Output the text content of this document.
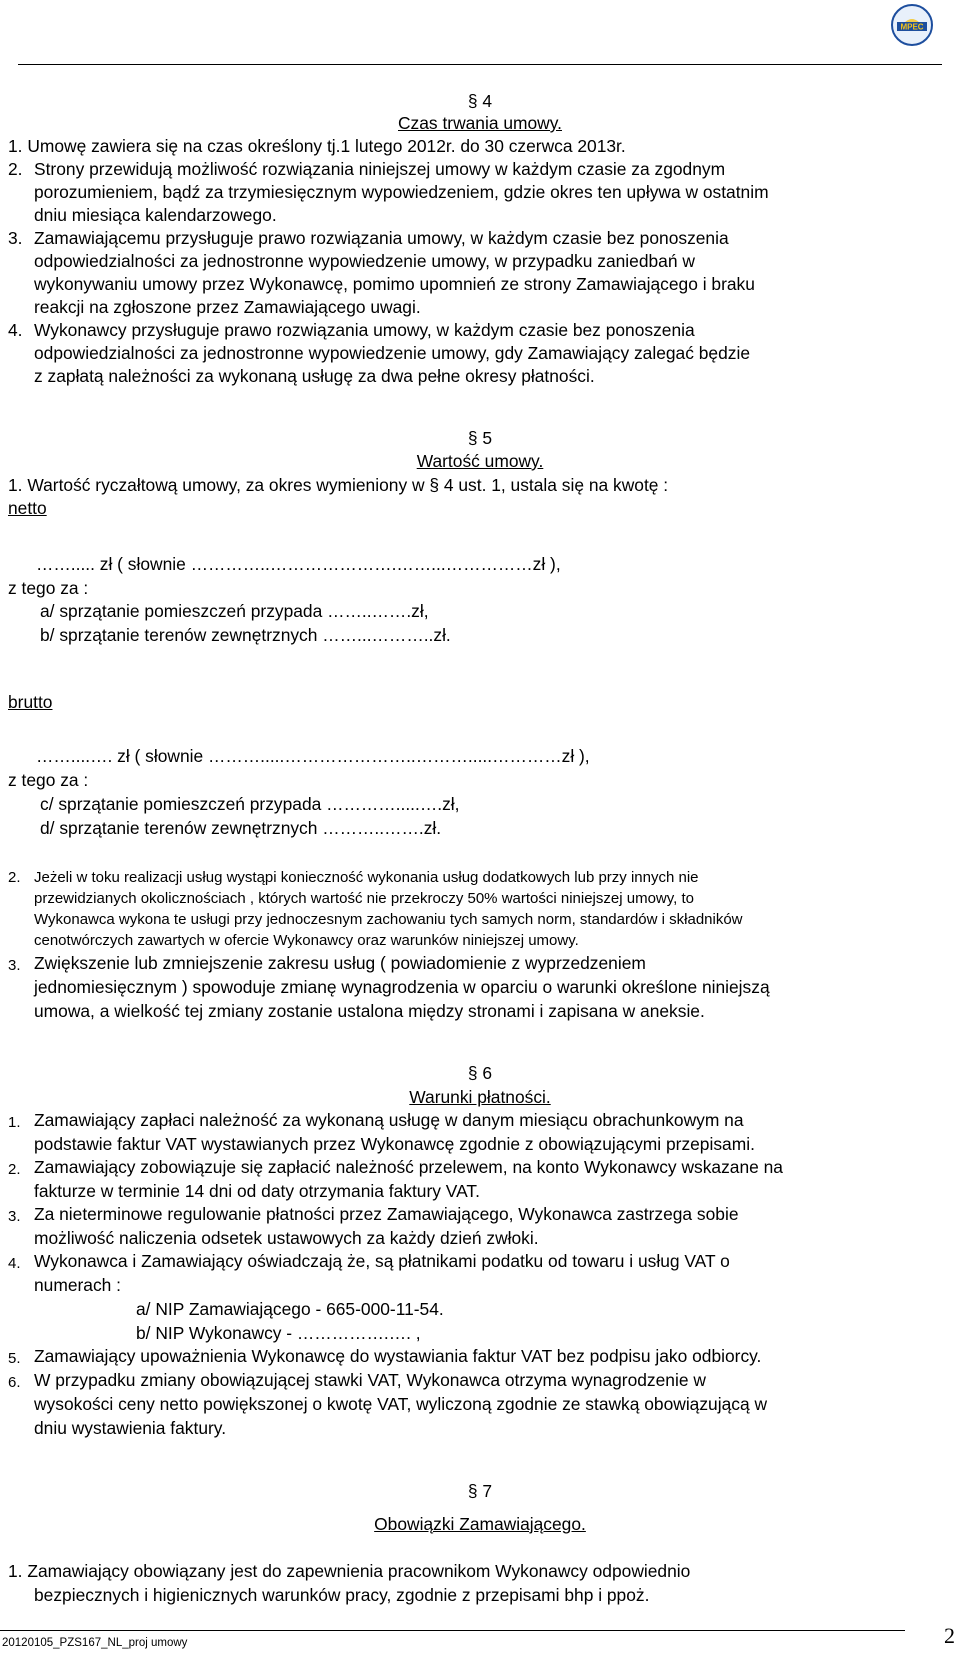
MPEC
§ 4
Czas trwania umowy.
1. Umowę zawiera się na czas określony tj.1 lutego 2012r. do 30 czerwca 2013r.
2. Strony przewidują możliwość rozwiązania niniejszej umowy w każdym czasie za zgodnym
porozumieniem, bądź za trzymiesięcznym wypowiedzeniem, gdzie okres ten upływa w ostatnim
dniu miesiąca kalendarzowego.
3. Zamawiającemu przysługuje prawo rozwiązania umowy, w każdym czasie bez ponoszenia
odpowiedzialności za jednostronne wypowiedzenie umowy, w przypadku zaniedbań w
wykonywaniu umowy przez Wykonawcę, pomimo upomnień ze strony Zamawiającego i braku
reakcji na zgłoszone przez Zamawiającego uwagi.
4. Wykonawcy przysługuje prawo rozwiązania umowy, w każdym czasie bez ponoszenia
odpowiedzialności za jednostronne wypowiedzenie umowy, gdy Zamawiający zalegać będzie
z zapłatą należności za wykonaną usługę za dwa pełne okresy płatności.
§ 5
Wartość umowy.
1. Wartość ryczałtową umowy, za okres wymieniony w § 4 ust. 1, ustala się na kwotę :
netto
……..... zł ( słownie …………..………………….……...……………zł ),
z tego za :
a/ sprzątanie pomieszczeń przypada ……..…….zł,
b/ sprzątanie terenów zewnętrznych ……...………..zł.
brutto
……....…. zł ( słownie ……….....…………………..……….....…………zł ),
z tego za :
c/ sprzątanie pomieszczeń przypada ………….....….zł,
d/ sprzątanie terenów zewnętrznych ………..…….zł.
2. Jeżeli w toku realizacji usług wystąpi konieczność wykonania usług dodatkowych lub przy innych nie
przewidzianych okolicznościach , których wartość nie przekroczy 50% wartości niniejszej umowy, to
Wykonawca wykona te usługi przy jednoczesnym zachowaniu tych samych norm, standardów i składników
cenotwórczych zawartych w ofercie Wykonawcy oraz warunków niniejszej umowy.
3. Zwiększenie lub zmniejszenie zakresu usług ( powiadomienie z wyprzedzeniem
jednomiesięcznym ) spowoduje zmianę wynagrodzenia w oparciu o warunki określone niniejszą
umowa, a wielkość tej zmiany zostanie ustalona między stronami i zapisana w aneksie.
§ 6
Warunki płatności.
1. Zamawiający zapłaci należność za wykonaną usługę w danym miesiącu obrachunkowym na
podstawie faktur VAT wystawianych przez Wykonawcę zgodnie z obowiązującymi przepisami.
2. Zamawiający zobowiązuje się zapłacić należność przelewem, na konto Wykonawcy wskazane na
fakturze w terminie 14 dni od daty otrzymania faktury VAT.
3. Za nieterminowe regulowanie płatności przez Zamawiającego, Wykonawca zastrzega sobie
możliwość naliczenia odsetek ustawowych za każdy dzień zwłoki.
4. Wykonawca i Zamawiający oświadczają że, są płatnikami podatku od towaru i usług VAT o
numerach :
a/ NIP Zamawiającego - 665-000-11-54.
b/ NIP Wykonawcy - …………….…. ,
5. Zamawiający upoważnienia Wykonawcę do wystawiania faktur VAT bez podpisu jako odbiorcy.
6. W przypadku zmiany obowiązującej stawki VAT, Wykonawca otrzyma wynagrodzenie w
wysokości ceny netto powiększonej o kwotę VAT, wyliczoną zgodnie ze stawką obowiązującą w
dniu wystawienia faktury.
§ 7
Obowiązki Zamawiającego.
1. Zamawiający obowiązany jest do zapewnienia pracownikom Wykonawcy odpowiednio
bezpiecznych i higienicznych warunków pracy, zgodnie z przepisami bhp i ppoż.
20120105_PZS167_NL_proj umowy	2
